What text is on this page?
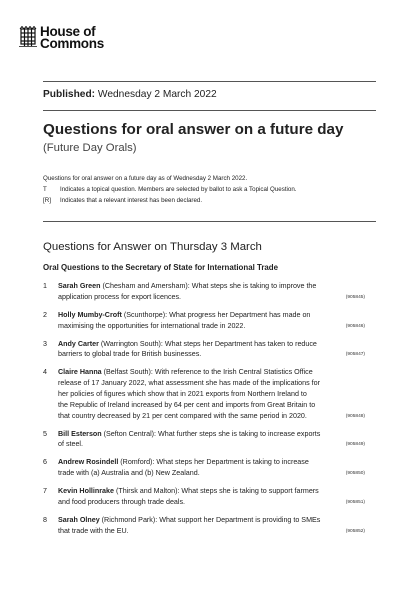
House of
Commons
Published: Wednesday 2 March 2022
Questions for oral answer on a future day
(Future Day Orals)
Questions for oral answer on a future day as of Wednesday 2 March 2022.
T	Indicates a topical question. Members are selected by ballot to ask a Topical Question.
[R]	Indicates that a relevant interest has been declared.
Questions for Answer on Thursday 3 March
Oral Questions to the Secretary of State for International Trade
1 Sarah Green (Chesham and Amersham): What steps she is taking to improve the
application process for export licences.	(905845)
2 Holly Mumby-Croft (Scunthorpe): What progress her Department has made on
maximising the opportunities for international trade in 2022.	(905846)
3 Andy Carter (Warrington South): What steps her Department has taken to reduce
barriers to global trade for British businesses.	(905847)
4 Claire Hanna (Belfast South): With reference to the Irish Central Statistics Office
release of 17 January 2022, what assessment she has made of the implications for
her policies of figures which show that in 2021 exports from Northern Ireland to
the Republic of Ireland increased by 64 per cent and imports from Great Britain to
that country decreased by 21 per cent compared with the same period in 2020.	(905848)
5 Bill Esterson (Sefton Central): What further steps she is taking to increase exports
of steel.	(905849)
6 Andrew Rosindell (Romford): What steps her Department is taking to increase
trade with (a) Australia and (b) New Zealand.	(905850)
7 Kevin Hollinrake (Thirsk and Malton): What steps she is taking to support farmers
and food producers through trade deals.	(905851)
8 Sarah Olney (Richmond Park): What support her Department is providing to SMEs
that trade with the EU.	(905852)
